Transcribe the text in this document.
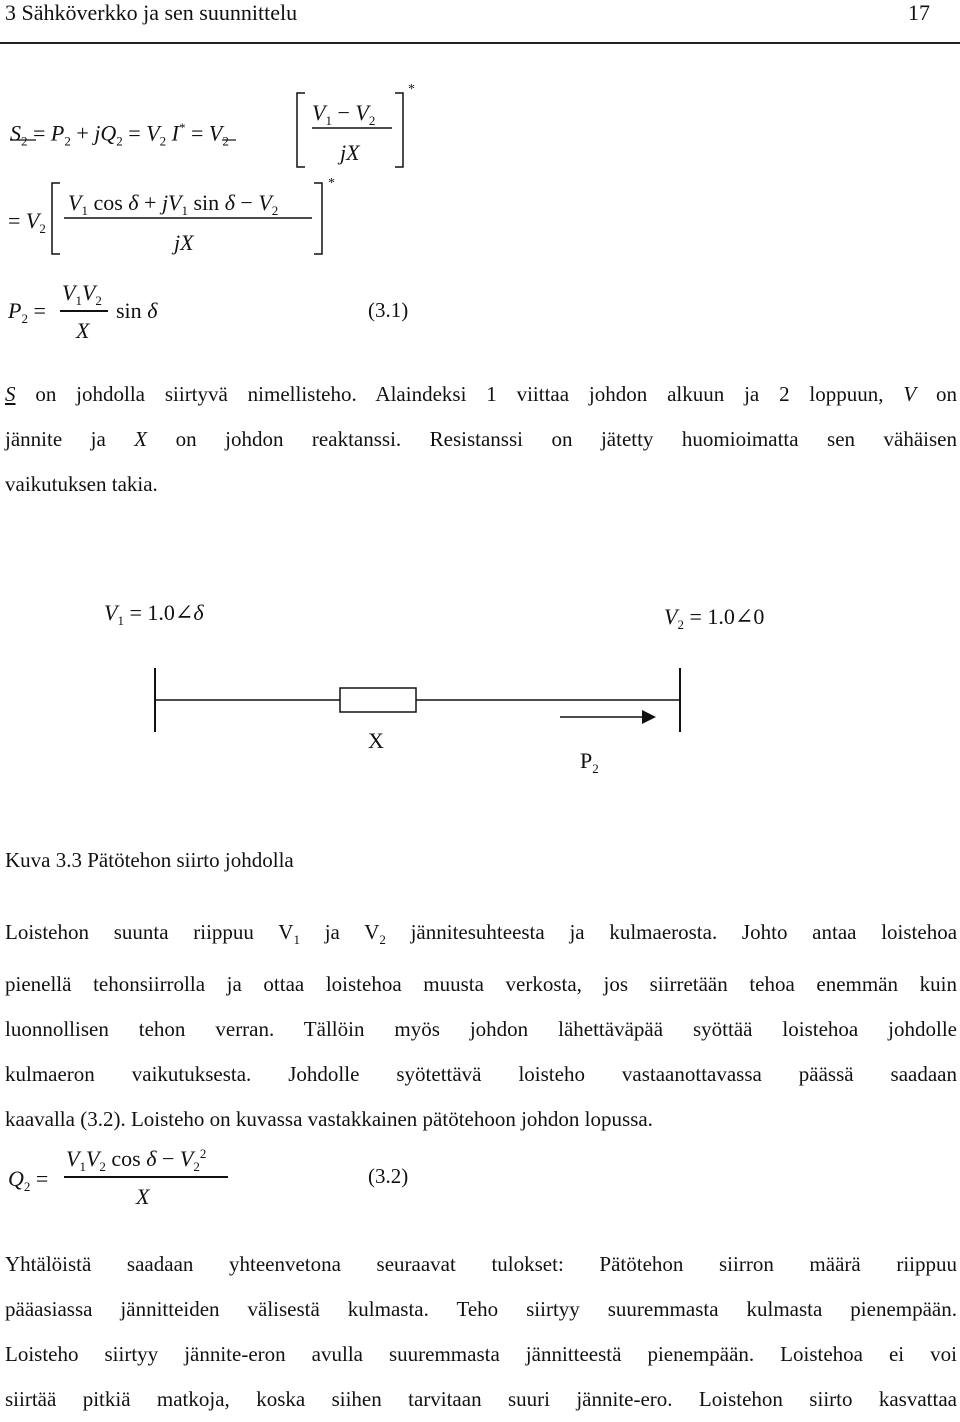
3 Sähköverkko ja sen suunnittelu	17
$S_2 = P_2 + jQ_2 = V_2$ $I^* = V_2$
$V_1 - V_2$
jX
*
= $V_2$
$V_1$ $\cos \delta + jV_1$ $\sin \delta - V_2$
jX
*
$P_2$ =
$V_1V_2$
X
sin δ	(3.1)
S on johdolla siirtyvä nimellisteho. Alaindeksi 1 viittaa johdon alkuun ja 2 loppuun, V on
jännite ja X on johdon reaktanssi. Resistanssi on jätetty huomioimatta sen vähäisen
vaikutuksen takia.
$V_1$ = 1.0∠δ	$V_2$ = 1.0∠0
X
$P_2$
Kuva 3.3 Pätötehon siirto johdolla
Loistehon suunta riippuu $V_1$ ja $V_2$ jännitesuhteesta ja kulmaerosta. Johto antaa loistehoa
pienellä tehonsiirrolla ja ottaa loistehoa muusta verkosta, jos siirretään tehoa enemmän kuin
luonnollisen tehon verran. Tällöin myös johdon lähettäväpää syöttää loistehoa johdolle
kulmaeron vaikutuksesta. Johdolle syötettävä loisteho vastaanottavassa päässä saadaan
kaavalla (3.2). Loisteho on kuvassa vastakkainen pätötehoon johdon lopussa.
$Q_2$ =
$V_1V_2$ $\cos \delta - V_2^2$
X
(3.2)
Yhtälöistä saadaan yhteenvetona seuraavat tulokset: Pätötehon siirron määrä riippuu
pääasiassa jännitteiden välisestä kulmasta. Teho siirtyy suuremmasta kulmasta pienempään.
Loisteho siirtyy jännite-eron avulla suuremmasta jännitteestä pienempään. Loistehoa ei voi
siirtää pitkiä matkoja, koska siihen tarvitaan suuri jännite-ero. Loistehon siirto kasvattaa
